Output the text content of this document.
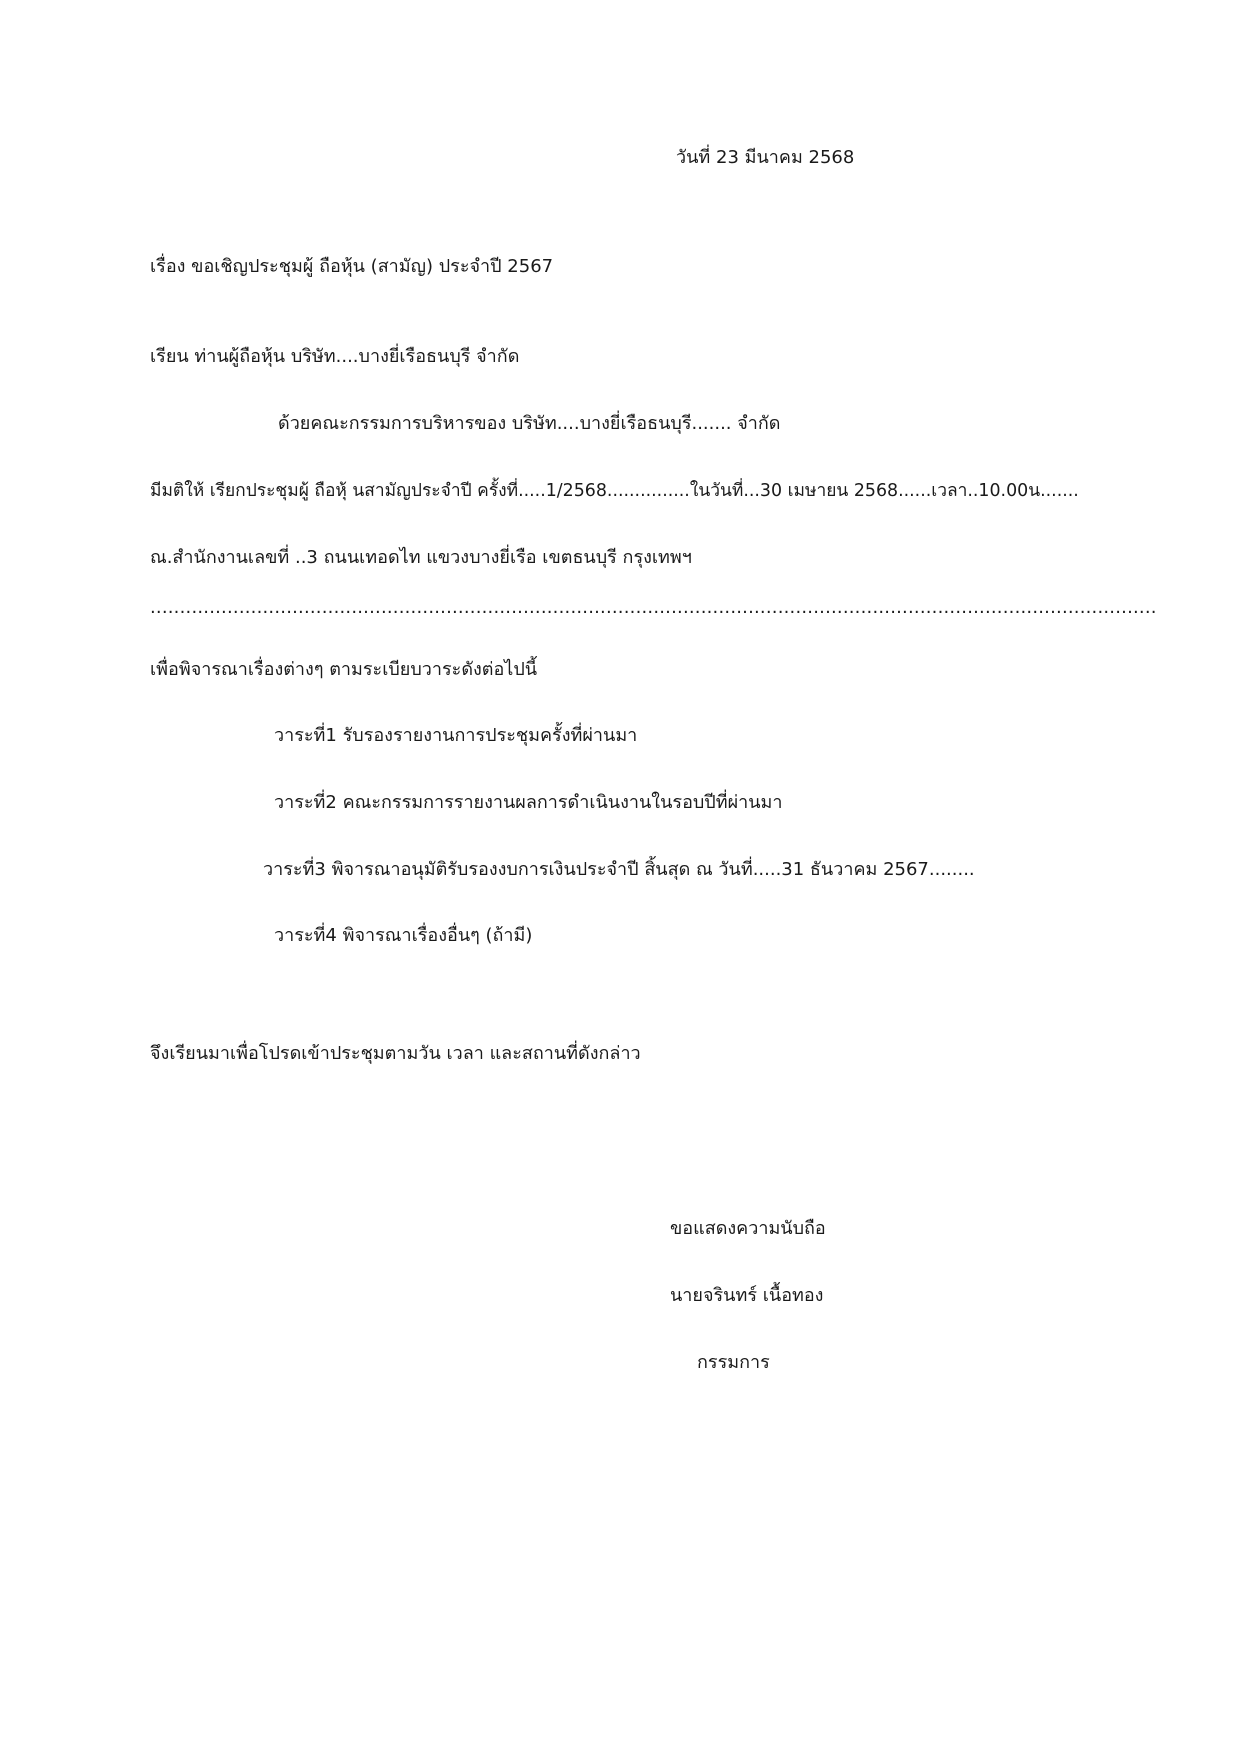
วันที่ 23 มีนาคม 2568
เรื่อง ขอเชิญประชุมผู้ ถือหุ้น (สามัญ) ประจำปี 2567
เรียน ท่านผู้ถือหุ้น บริษัท....บางยี่เรือธนบุรี จำกัด
ด้วยคณะกรรมการบริหารของ บริษัท....บางยี่เรือธนบุรี....... จำกัด
มีมติให้ เรียกประชุมผู้ ถือหุ้ นสามัญประจำปี ครั้งที่.....1/2568...............ในวันที่...30 เมษายน 2568......เวลา..10.00น.......
ณ.สำนักงานเลขที่ ..3 ถนนเทอดไท แขวงบางยี่เรือ เขตธนบุรี กรุงเทพฯ
..........................................................................................................................................................................
เพื่อพิจารณาเรื่องต่างๆ ตามระเบียบวาระดังต่อไปนี้
วาระที่1 รับรองรายงานการประชุมครั้งที่ผ่านมา
วาระที่2 คณะกรรมการรายงานผลการดำเนินงานในรอบปีที่ผ่านมา
วาระที่3 พิจารณาอนุมัติรับรองงบการเงินประจำปี สิ้นสุด ณ วันที่.....31 ธันวาคม 2567........
วาระที่4 พิจารณาเรื่องอื่นๆ (ถ้ามี)
จึงเรียนมาเพื่อโปรดเข้าประชุมตามวัน เวลา และสถานที่ดังกล่าว
ขอแสดงความนับถือ
นายจรินทร์ เนื้อทอง
กรรมการ
